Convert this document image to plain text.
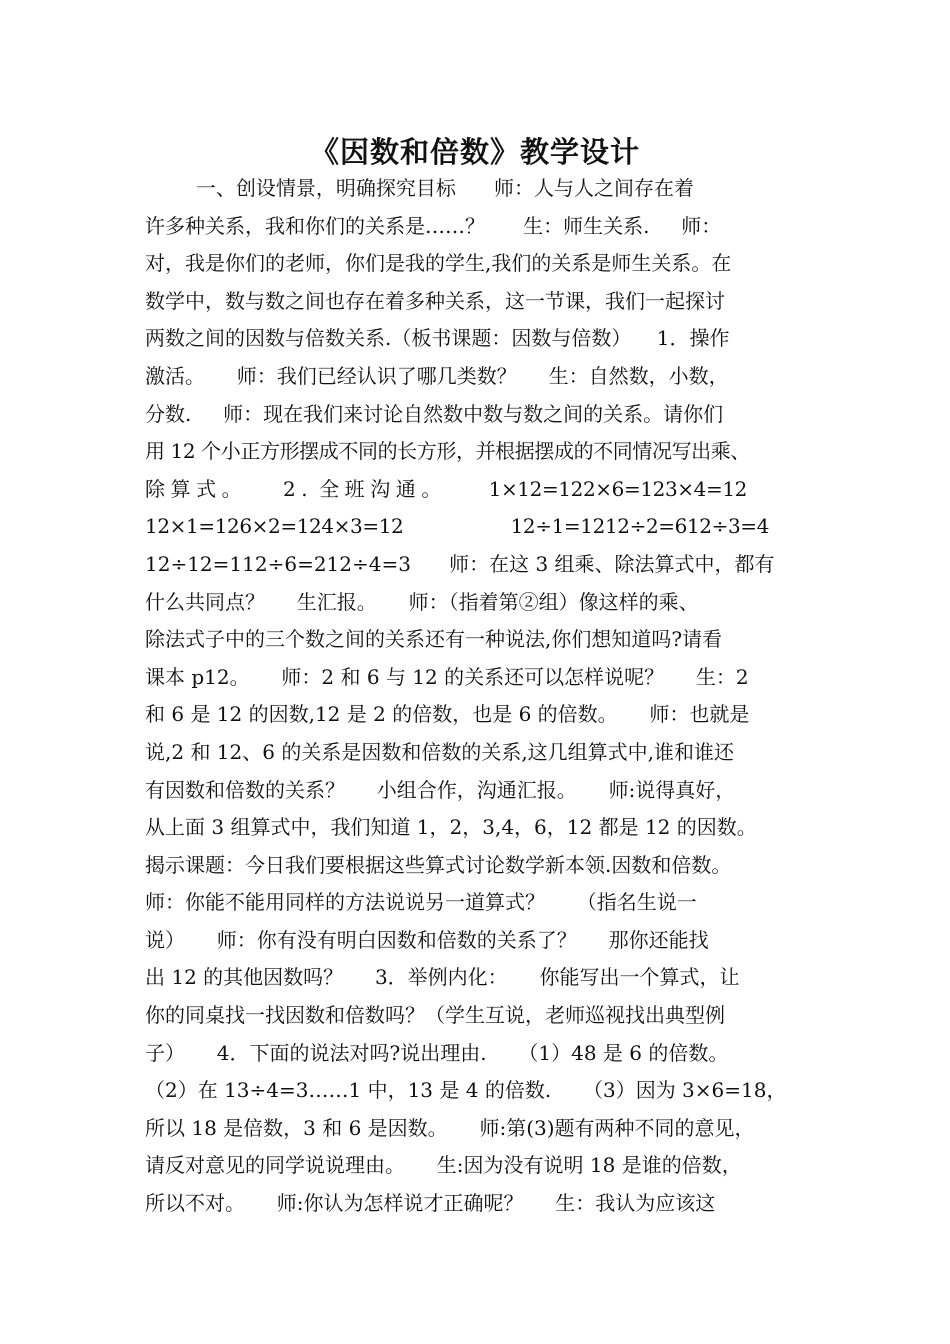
《因数和倍数》教学设计
一、创设情景，明确探究目标      师：人与人之间存在着
许多种关系，我和你们的关系是……？      生：师生关系.     师：
对，我是你们的老师，你们是我的学生,我们的关系是师生关系。在
数学中，数与数之间也存在着多种关系，这一节课，我们一起探讨
两数之间的因数与倍数关系.（板书课题：因数与倍数）    1．操作
激活。     师：我们已经认识了哪几类数？     生：自然数，小数，
分数.     师：现在我们来讨论自然数中数与数之间的关系。请你们
用 12 个小正方形摆成不同的长方形，并根据摆成的不同情况写出乘、
除 算 式 。       2 .  全 班 沟 通 。        1×12=122×6=123×4=12
12×1=126×2=124×3=12                  12÷1=1212÷2=612÷3=4
12÷12=112÷6=212÷4=3      师：在这 3 组乘、除法算式中，都有
什么共同点？     生汇报。     师：（指着第②组）像这样的乘、
除法式子中的三个数之间的关系还有一种说法,你们想知道吗?请看
课本 p12。     师：2 和 6 与 12 的关系还可以怎样说呢？     生：2
和 6 是 12 的因数,12 是 2 的倍数，也是 6 的倍数。     师：也就是
说,2 和 12、6 的关系是因数和倍数的关系,这几组算式中,谁和谁还
有因数和倍数的关系？     小组合作，沟通汇报。     师:说得真好，
从上面 3 组算式中，我们知道 1，2，3,4，6，12 都是 12 的因数。
揭示课题：今日我们要根据这些算式讨论数学新本领.因数和倍数。
师：你能不能用同样的方法说说另一道算式？     （指名生说一
说）     师：你有没有明白因数和倍数的关系了？     那你还能找
出 12 的其他因数吗？     3．举例内化：     你能写出一个算式，让
你的同桌找一找因数和倍数吗？（学生互说，老师巡视找出典型例
子）     4．下面的说法对吗?说出理由.     （1）48 是 6 的倍数。
（2）在 13÷4=3……1 中，13 是 4 的倍数.     （3）因为 3×6=18，
所以 18 是倍数，3 和 6 是因数。     师:第(3)题有两种不同的意见，
请反对意见的同学说说理由。     生:因为没有说明 18 是谁的倍数，
所以不对。     师:你认为怎样说才正确呢？     生：我认为应该这
